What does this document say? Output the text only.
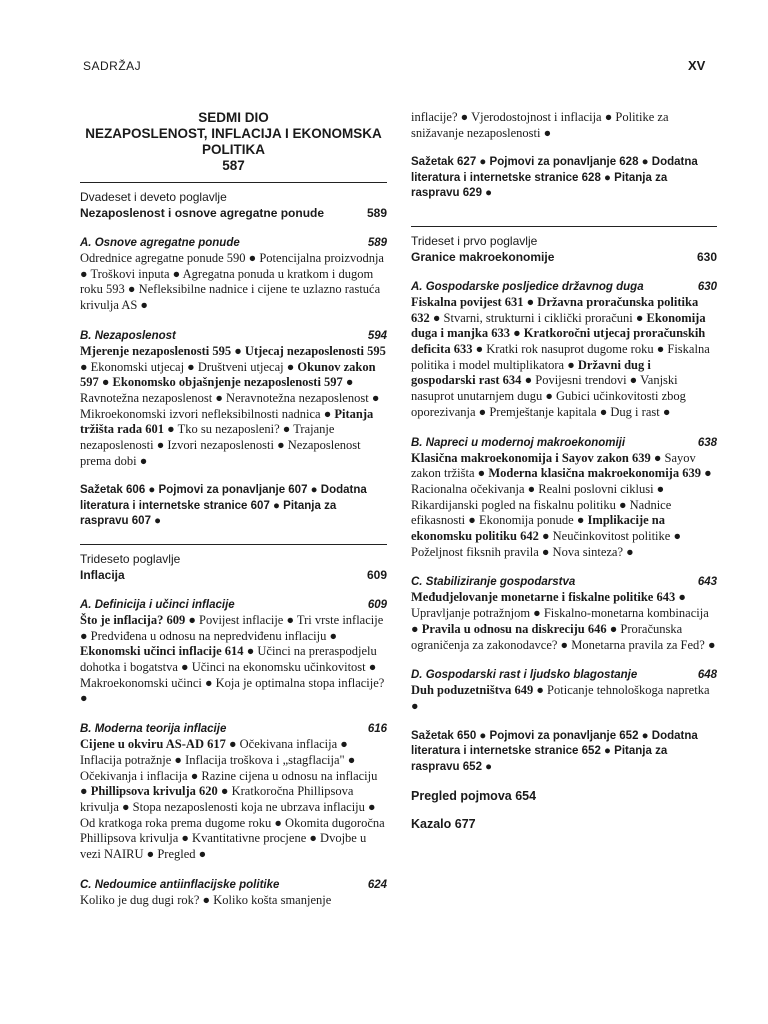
SADRŽAJ	XV
SEDMI DIO
NEZAPOSLENOST, INFLACIJA I EKONOMSKA POLITIKA
587
Dvadeset i deveto poglavlje
Nezaposlenost i osnove agregatne ponude	589
A. Osnove agregatne ponude	589
Odrednice agregatne ponude 590 ● Potencijalna proizvodnja ● Troškovi inputa ● Agregatna ponuda u kratkom i dugom roku 593 ● Nefleksibilne nadnice i cijene te uzlazno rastuća krivulja AS ●
B. Nezaposlenost	594
Mjerenje nezaposlenosti 595 ● Utjecaj nezaposlenosti 595 ● Ekonomski utjecaj ● Društveni utjecaj ● Okunov zakon 597 ● Ekonomsko objašnjenje nezaposlenosti 597 ● Ravnotežna nezaposlenost ● Neravnotežna nezaposlenost ● Mikroekonomski izvori nefleksibilnosti nadnica ● Pitanja tržišta rada 601 ● Tko su nezaposleni? ● Trajanje nezaposlenosti ● Izvori nezaposlenosti ● Nezaposlenost prema dobi ●
Sažetak 606 ● Pojmovi za ponavljanje 607 ● Dodatna literatura i internetske stranice 607 ● Pitanja za raspravu 607 ●
Trideseto poglavlje
Inflacija	609
A. Definicija i učinci inflacije	609
Što je inflacija? 609 ● Povijest inflacije ● Tri vrste inflacije ● Predviđena u odnosu na nepredviđenu inflaciju ● Ekonomski učinci inflacije 614 ● Učinci na preraspodjelu dohotka i bogatstva ● Učinci na ekonomsku učinkovitost ● Makroekonomski učinci ● Koja je optimalna stopa inflacije? ●
B. Moderna teorija inflacije	616
Cijene u okviru AS-AD 617 ● Očekivana inflacija ● Inflacija potražnje ● Inflacija troškova i „stagflacija" ● Očekivanja i inflacija ● Razine cijena u odnosu na inflaciju ● Phillipsova krivulja 620 ● Kratkoročna Phillipsova krivulja ● Stopa nezaposlenosti koja ne ubrzava inflaciju ● Od kratkoga roka prema dugome roku ● Okomita dugoročna Phillipsova krivulja ● Kvantitativne procjene ● Dvojbe u vezi NAIRU ● Pregled ●
C. Nedoumice antiinflacijske politike	624
Koliko je dug dugi rok? ● Koliko košta smanjenje
inflacije? ● Vjerodostojnost i inflacija ● Politike za snižavanje nezaposlenosti ●
Sažetak 627 ● Pojmovi za ponavljanje 628 ● Dodatna literatura i internetske stranice 628 ● Pitanja za raspravu 629 ●
Trideset i prvo poglavlje
Granice makroekonomije	630
A. Gospodarske posljedice državnog duga	630
Fiskalna povijest 631 ● Državna proračunska politika 632 ● Stvarni, strukturni i ciklički proračuni ● Ekonomija duga i manjka 633 ● Kratkoročni utjecaj proračunskih deficita 633 ● Kratki rok nasuprot dugome roku ● Fiskalna politika i model multiplikatora ● Državni dug i gospodarski rast 634 ● Povijesni trendovi ● Vanjski nasuprot unutarnjem dugu ● Gubici učinkovitosti zbog oporezivanja ● Premještanje kapitala ● Dug i rast ●
B. Napreci u modernoj makroekonomiji	638
Klasična makroekonomija i Sayov zakon 639 ● Sayov zakon tržišta ● Moderna klasična makroekonomija 639 ● Racionalna očekivanja ● Realni poslovni ciklusi ● Rikardijanski pogled na fiskalnu politiku ● Nadnice efikasnosti ● Ekonomija ponude ● Implikacije na ekonomsku politiku 642 ● Neučinkovitost politike ● Poželjnost fiksnih pravila ● Nova sinteza? ●
C. Stabiliziranje gospodarstva	643
Međudjelovanje monetarne i fiskalne politike 643 ● Upravljanje potražnjom ● Fiskalno-monetarna kombinacija ● Pravila u odnosu na diskreciju 646 ● Proračunska ograničenja za zakonodavce? ● Monetarna pravila za Fed? ●
D. Gospodarski rast i ljudsko blagostanje	648
Duh poduzetništva 649 ● Poticanje tehnološkoga napretka ●
Sažetak 650 ● Pojmovi za ponavljanje 652 ● Dodatna literatura i internetske stranice 652 ● Pitanja za raspravu 652 ●
Pregled pojmova 654
Kazalo 677
